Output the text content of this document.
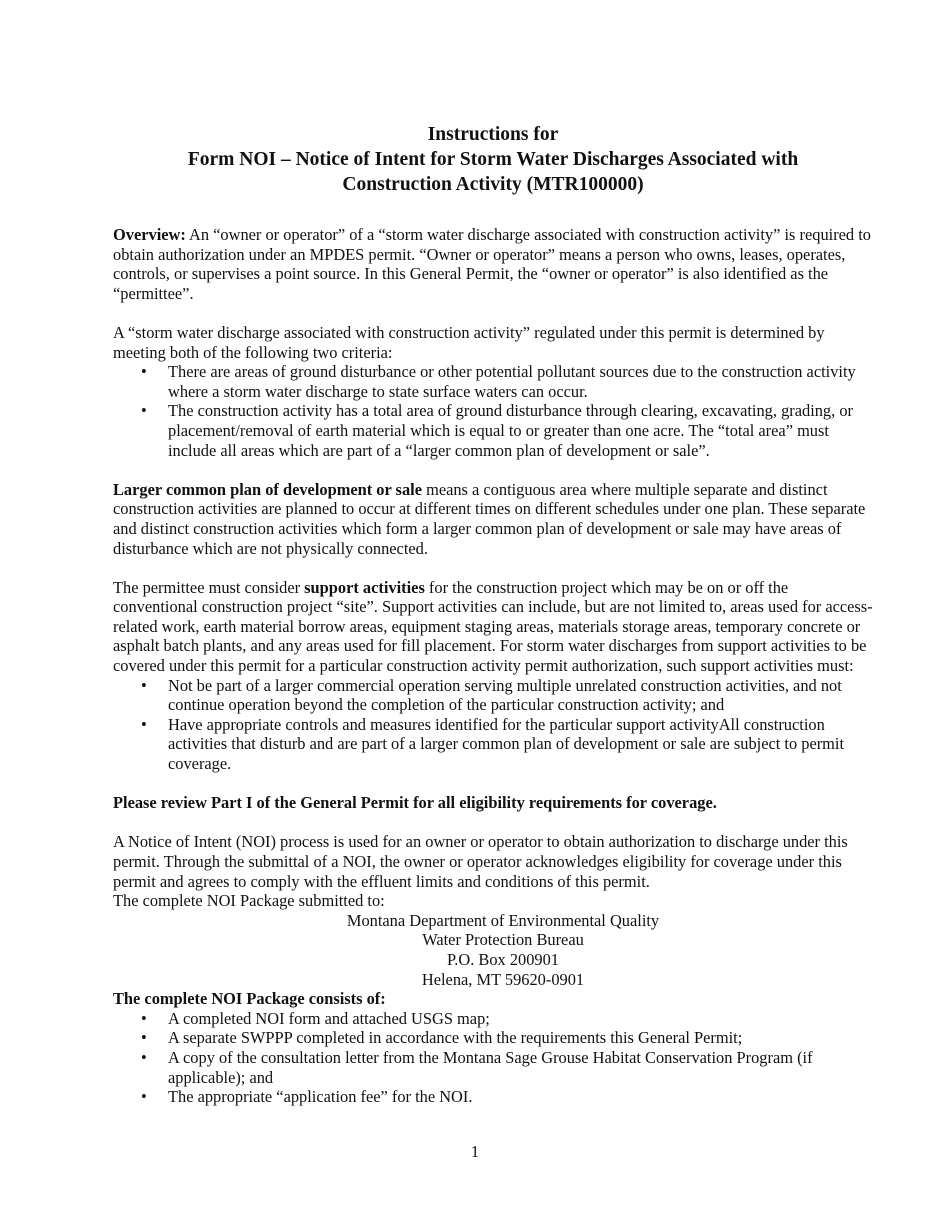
Instructions for
Form NOI – Notice of Intent for Storm Water Discharges Associated with
Construction Activity (MTR100000)

Overview: An “owner or operator” of a “storm water discharge associated with construction activity” is required to obtain authorization under an MPDES permit. “Owner or operator” means a person who owns, leases, operates, controls, or supervises a point source. In this General Permit, the “owner or operator” is also identified as the “permittee”.

A “storm water discharge associated with construction activity” regulated under this permit is determined by meeting both of the following two criteria:

• There are areas of ground disturbance or other potential pollutant sources due to the construction activity where a storm water discharge to state surface waters can occur.
• The construction activity has a total area of ground disturbance through clearing, excavating, grading, or placement/removal of earth material which is equal to or greater than one acre. The “total area” must include all areas which are part of a “larger common plan of development or sale”.

Larger common plan of development or sale means a contiguous area where multiple separate and distinct construction activities are planned to occur at different times on different schedules under one plan. These separate and distinct construction activities which form a larger common plan of development or sale may have areas of disturbance which are not physically connected.

The permittee must consider support activities for the construction project which may be on or off the conventional construction project “site”. Support activities can include, but are not limited to, areas used for access-related work, earth material borrow areas, equipment staging areas, materials storage areas, temporary concrete or asphalt batch plants, and any areas used for fill placement. For storm water discharges from support activities to be covered under this permit for a particular construction activity permit authorization, such support activities must:

• Not be part of a larger commercial operation serving multiple unrelated construction activities, and not continue operation beyond the completion of the particular construction activity; and
• Have appropriate controls and measures identified for the particular support activityAll construction activities that disturb and are part of a larger common plan of development or sale are subject to permit coverage.

Please review Part I of the General Permit for all eligibility requirements for coverage.

A Notice of Intent (NOI) process is used for an owner or operator to obtain authorization to discharge under this permit. Through the submittal of a NOI, the owner or operator acknowledges eligibility for coverage under this permit and agrees to comply with the effluent limits and conditions of this permit.

The complete NOI Package submitted to:

Montana Department of Environmental Quality
Water Protection Bureau
P.O. Box 200901
Helena, MT 59620-0901

The complete NOI Package consists of:

• A completed NOI form and attached USGS map;
• A separate SWPPP completed in accordance with the requirements this General Permit;
• A copy of the consultation letter from the Montana Sage Grouse Habitat Conservation Program (if applicable); and
• The appropriate “application fee” for the NOI.
1
